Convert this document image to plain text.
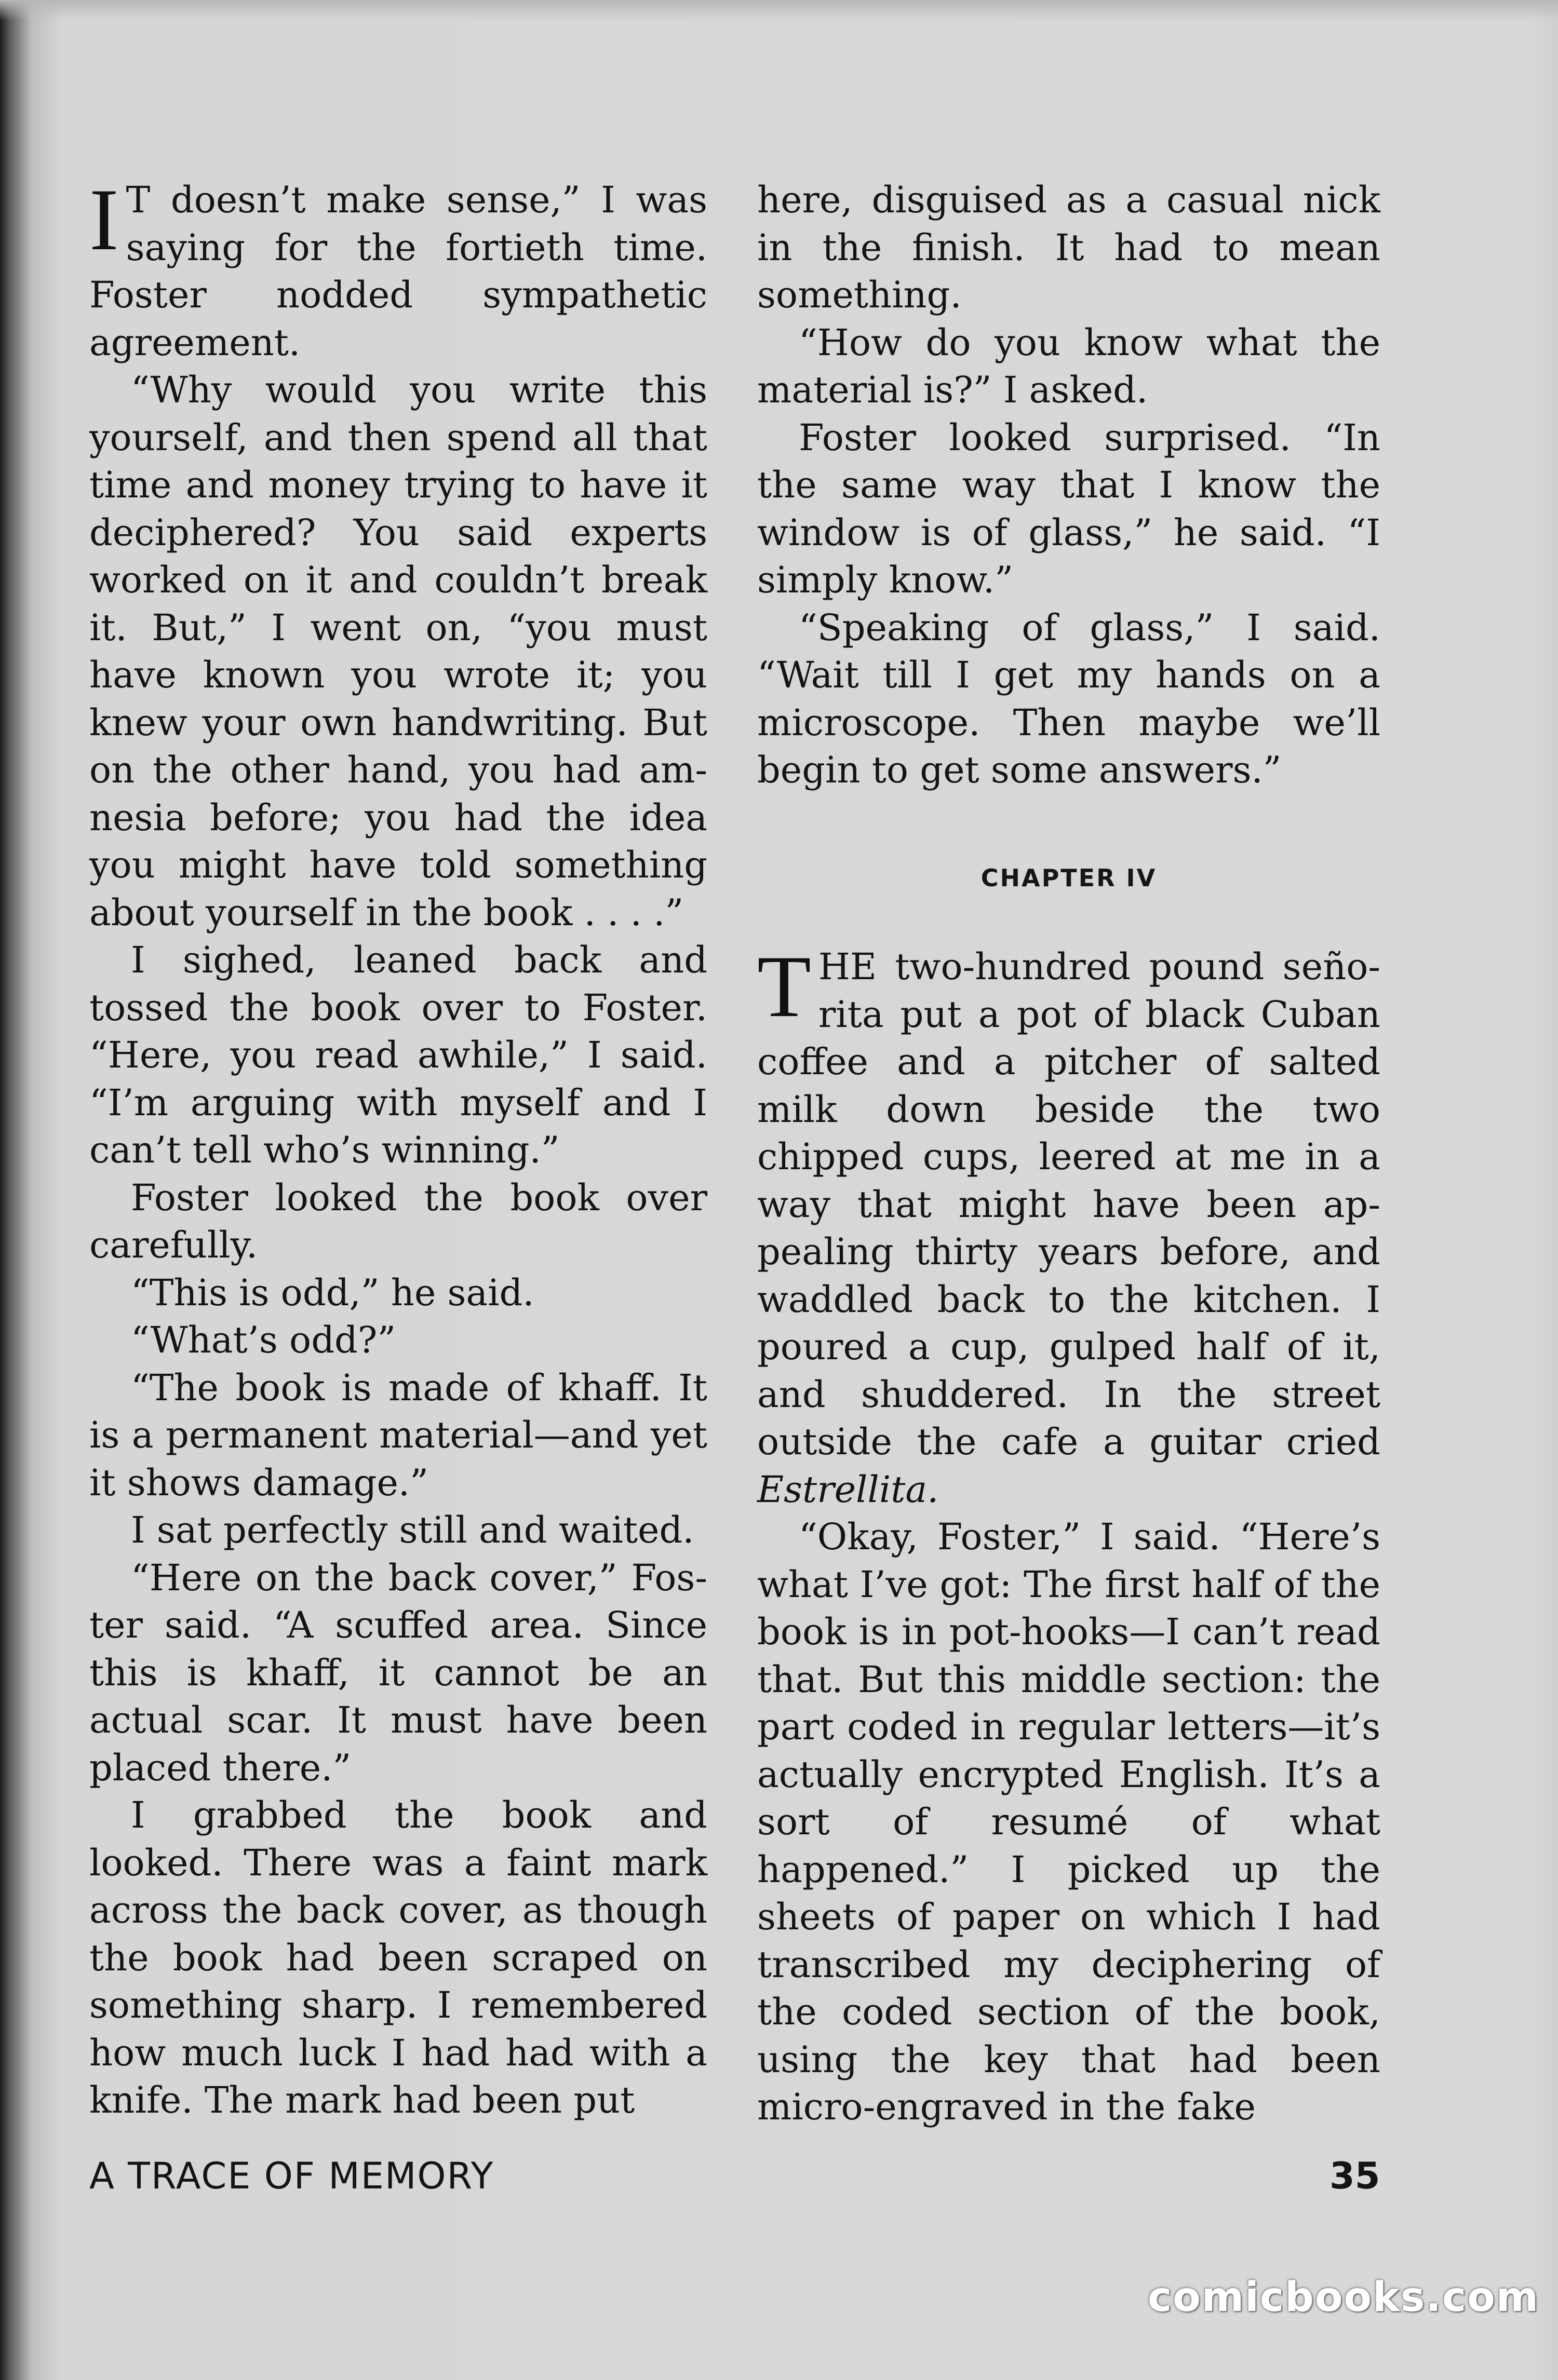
I T doesn’t make sense,” I was saying for the fortieth time. Foster nodded sympathetic agreement.

“Why would you write this yourself, and then spend all that time and money trying to have it deciphered? You said experts worked on it and couldn’t break it. But,” I went on, “you must have known you wrote it; you knew your own handwriting. But on the other hand, you had amnesia before; you had the idea you might have told something about yourself in the book . . . .”

I sighed, leaned back and tossed the book over to Foster. “Here, you read awhile,” I said. “I’m arguing with myself and I can’t tell who’s winning.”

Foster looked the book over carefully.

“This is odd,” he said.

“What’s odd?”

“The book is made of khaff. It is a permanent material—and yet it shows damage.”

I sat perfectly still and waited.

“Here on the back cover,” Foster said. “A scuffed area. Since this is khaff, it cannot be an actual scar. It must have been placed there.”

I grabbed the book and looked. There was a faint mark across the back cover, as though the book had been scraped on something sharp. I remembered how much luck I had had with a knife. The mark had been put

here, disguised as a casual nick in the finish. It had to mean something.

“How do you know what the material is?” I asked.

Foster looked surprised. “In the same way that I know the window is of glass,” he said. “I simply know.”

“Speaking of glass,” I said. “Wait till I get my hands on a microscope. Then maybe we’ll begin to get some answers.”

CHAPTER IV

THE two-hundred pound señorita put a pot of black Cuban coffee and a pitcher of salted milk down beside the two chipped cups, leered at me in a way that might have been appealing thirty years before, and waddled back to the kitchen. I poured a cup, gulped half of it, and shuddered. In the street outside the cafe a guitar cried Estrellita.

“Okay, Foster,” I said. “Here’s what I’ve got: The first half of the book is in pot-hooks—I can’t read that. But this middle section: the part coded in regular letters—it’s actually encrypted English. It’s a sort of resumé of what happened.” I picked up the sheets of paper on which I had transcribed my deciphering of the coded section of the book, using the key that had been micro-engraved in the fake

A TRACE OF MEMORY	35
comicbooks.com
